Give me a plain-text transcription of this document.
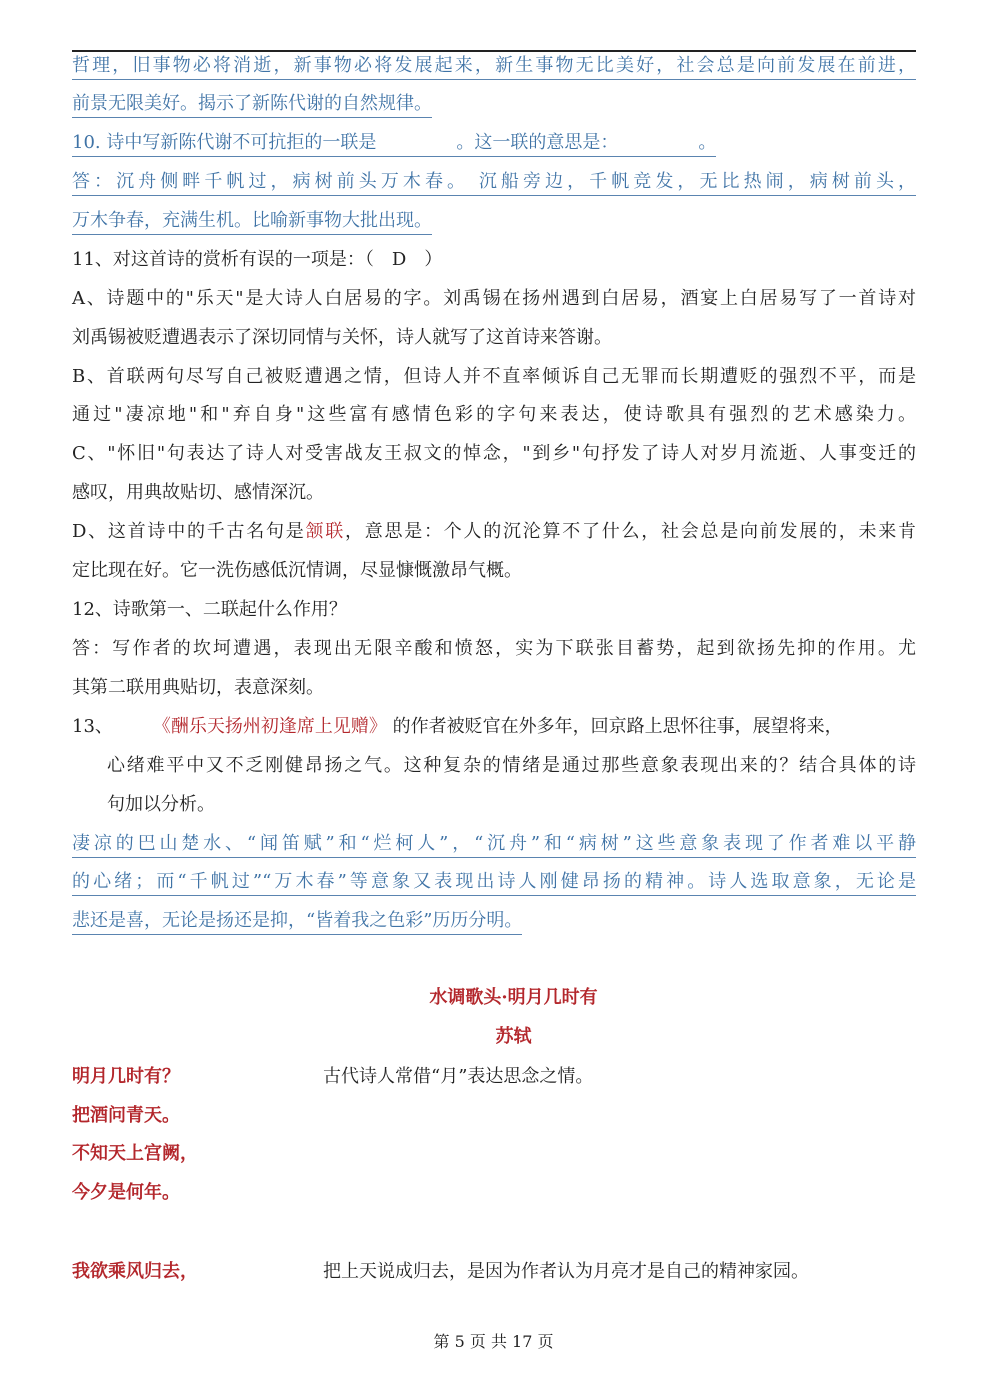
哲理，旧事物必将消逝，新事物必将发展起来，新生事物无比美好，社会总是向前发展在前进，
前景无限美好。揭示了新陈代谢的自然规律。
10. 诗中写新陈代谢不可抗拒的一联是	。这一联的意思是：	。
答：沉舟侧畔千帆过，病树前头万木春。 沉船旁边，千帆竞发，无比热闹，病树前头，
万木争春，充满生机。比喻新事物大批出现。
11、对这首诗的赏析有误的一项是：（　D　）
A、诗题中的"乐天"是大诗人白居易的字。刘禹锡在扬州遇到白居易，酒宴上白居易写了一首诗对
刘禹锡被贬遭遇表示了深切同情与关怀，诗人就写了这首诗来答谢。
B、首联两句尽写自己被贬遭遇之情，但诗人并不直率倾诉自己无罪而长期遭贬的强烈不平，而是
通过"凄凉地"和"弃自身"这些富有感情色彩的字句来表达，使诗歌具有强烈的艺术感染力。
C、"怀旧"句表达了诗人对受害战友王叔文的悼念，"到乡"句抒发了诗人对岁月流逝、人事变迁的
感叹，用典故贴切、感情深沉。
D、这首诗中的千古名句是颔联，意思是：个人的沉沦算不了什么，社会总是向前发展的，未来肯
定比现在好。它一洗伤感低沉情调，尽显慷慨激昂气概。
12、诗歌第一、二联起什么作用？
答：写作者的坎坷遭遇，表现出无限辛酸和愤怒，实为下联张目蓄势，起到欲扬先抑的作用。尤
其第二联用典贴切，表意深刻。
13、 《酬乐天扬州初逢席上见赠》 的作者被贬官在外多年，回京路上思怀往事，展望将来，
心绪难平中又不乏刚健昂扬之气。这种复杂的情绪是通过那些意象表现出来的？结合具体的诗
句加以分析。
凄凉的巴山楚水、“闻笛赋”和“烂柯人”，“沉舟”和“病树”这些意象表现了作者难以平静
的心绪；而“千帆过”“万木春”等意象又表现出诗人刚健昂扬的精神。诗人选取意象，无论是
悲还是喜，无论是扬还是抑，“皆着我之色彩”历历分明。
水调歌头·明月几时有
苏轼
明月几时有？	古代诗人常借“月”表达思念之情。
把酒问青天。
不知天上宫阙，
今夕是何年。
我欲乘风归去，	把上天说成归去，是因为作者认为月亮才是自己的精神家园。
第 5 页 共 17 页
